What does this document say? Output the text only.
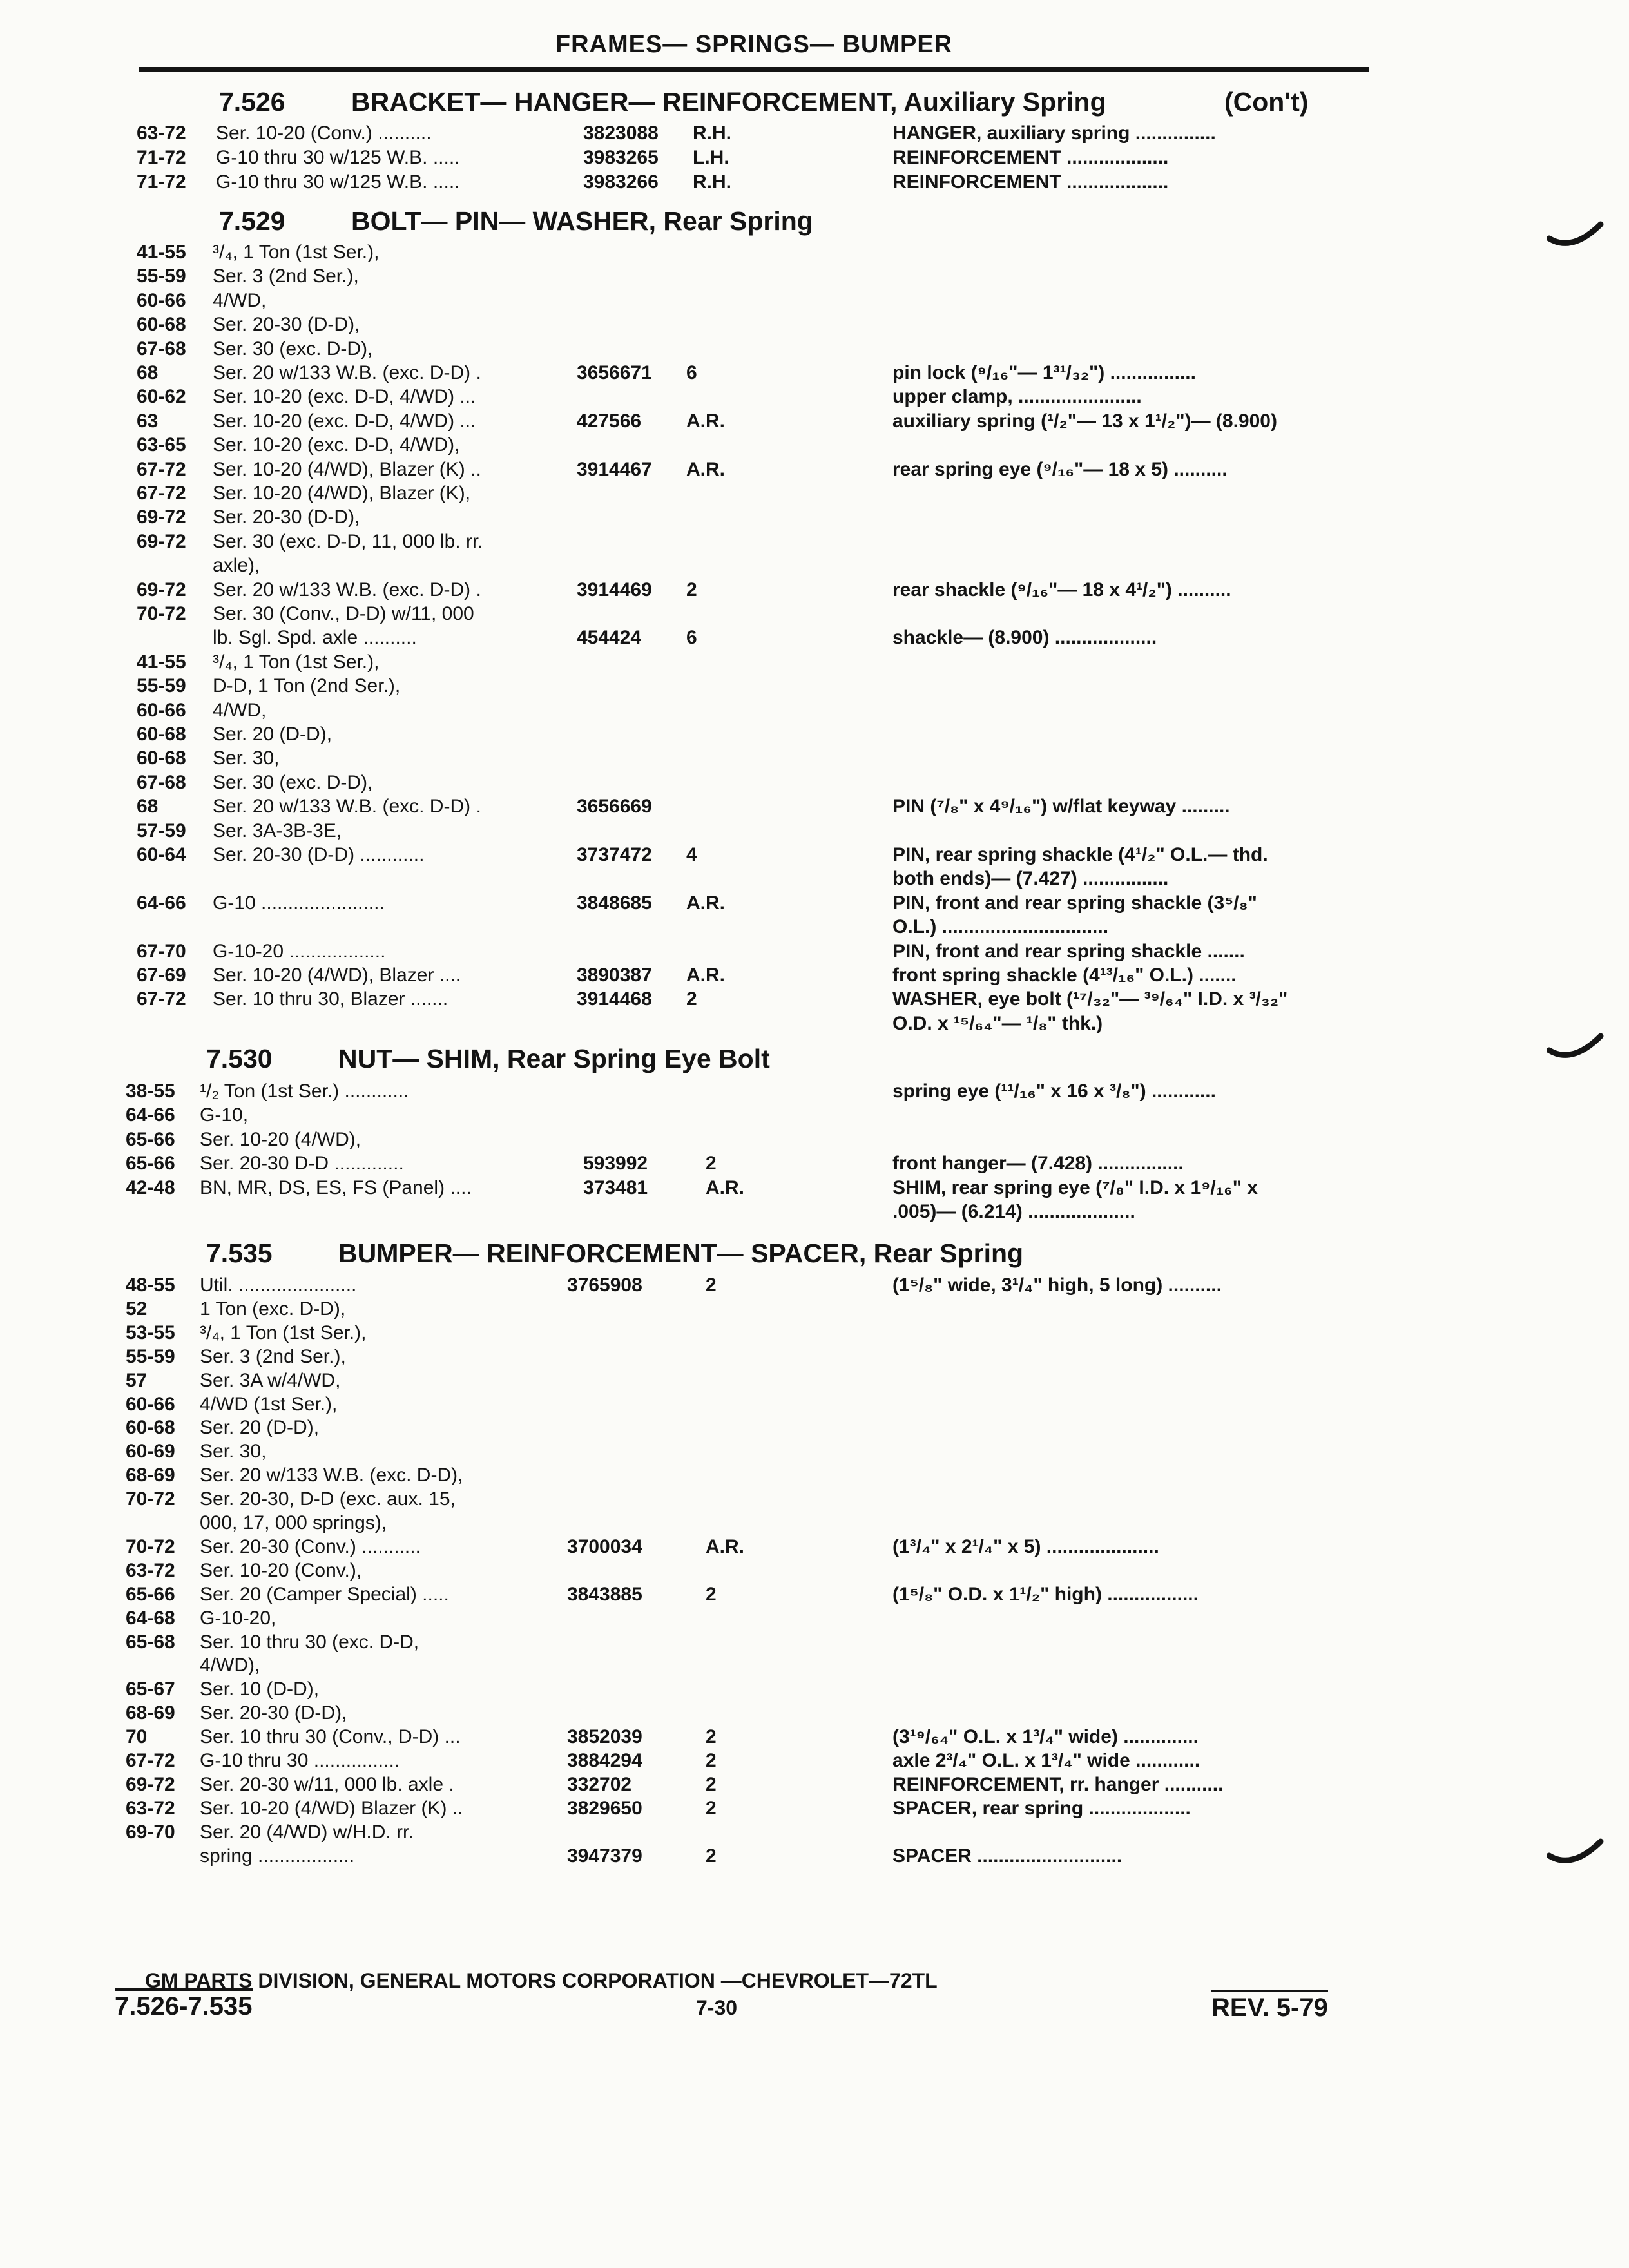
FRAMES— SPRINGS— BUMPER
7.526 BRACKET— HANGER— REINFORCEMENT, Auxiliary Spring	(Con't)
63-72 Ser. 10-20 (Conv.) ..........	3823088 R.H.	HANGER, auxiliary spring ...............
71-72 G-10 thru 30 w/125 W.B. .....	3983265 L.H.	REINFORCEMENT ...................
71-72 G-10 thru 30 w/125 W.B. .....	3983266 R.H.	REINFORCEMENT ...................
7.529 BOLT— PIN— WASHER, Rear Spring
41-55 ³/₄, 1 Ton (1st Ser.),
55-59 Ser. 3 (2nd Ser.),
60-66 4/WD,
60-68 Ser. 20-30 (D-D),
67-68 Ser. 30 (exc. D-D),
68	Ser. 20 w/133 W.B. (exc. D-D) .	3656671 6	pin lock (⁹/₁₆"— 1³¹/₃₂") ................
60-62 Ser. 10-20 (exc. D-D, 4/WD) ...	upper clamp, .......................
63	Ser. 10-20 (exc. D-D, 4/WD) ...	427566 A.R.	auxiliary spring (¹/₂"— 13 x 1¹/₂")— (8.900)
63-65 Ser. 10-20 (exc. D-D, 4/WD),
67-72 Ser. 10-20 (4/WD), Blazer (K) ..	3914467 A.R.	rear spring eye (⁹/₁₆"— 18 x 5) ..........
67-72 Ser. 10-20 (4/WD), Blazer (K),
69-72 Ser. 20-30 (D-D),
69-72 Ser. 30 (exc. D-D, 11, 000 lb. rr.
axle),
69-72 Ser. 20 w/133 W.B. (exc. D-D) .	3914469 2	rear shackle (⁹/₁₆"— 18 x 4¹/₂") ..........
70-72 Ser. 30 (Conv., D-D) w/11, 000
lb. Sgl. Spd. axle ..........	454424 6	shackle— (8.900) ...................
41-55 ³/₄, 1 Ton (1st Ser.),
55-59 D-D, 1 Ton (2nd Ser.),
60-66 4/WD,
60-68 Ser. 20 (D-D),
60-68 Ser. 30,
67-68 Ser. 30 (exc. D-D),
68	Ser. 20 w/133 W.B. (exc. D-D) .	3656669	PIN (⁷/₈" x 4⁹/₁₆") w/flat keyway .........
57-59 Ser. 3A-3B-3E,
60-64 Ser. 20-30 (D-D) ............	3737472 4	PIN, rear spring shackle (4¹/₂" O.L.— thd.
both ends)— (7.427) ................
64-66 G-10 .......................	3848685 A.R.	PIN, front and rear spring shackle (3⁵/₈"
O.L.) ...............................
67-70 G-10-20 ..................	PIN, front and rear spring shackle .......
67-69 Ser. 10-20 (4/WD), Blazer ....	3890387 A.R.	front spring shackle (4¹³/₁₆" O.L.) .......
67-72 Ser. 10 thru 30, Blazer .......	3914468 2	WASHER, eye bolt (¹⁷/₃₂"— ³⁹/₆₄" I.D. x ³/₃₂"
O.D. x ¹⁵/₆₄"— ¹/₈" thk.)
7.530 NUT— SHIM, Rear Spring Eye Bolt
38-55 ¹/₂ Ton (1st Ser.) ............	spring eye (¹¹/₁₆" x 16 x ³/₈") ............
64-66 G-10,
65-66 Ser. 10-20 (4/WD),
65-66 Ser. 20-30 D-D .............	593992	2	front hanger— (7.428) ................
42-48 BN, MR, DS, ES, FS (Panel) ....	373481	A.R.	SHIM, rear spring eye (⁷/₈" I.D. x 1⁹/₁₆" x
.005)— (6.214) ....................
7.535 BUMPER— REINFORCEMENT— SPACER, Rear Spring
48-55 Util. ......................	3765908	2	(1⁵/₈" wide, 3¹/₄" high, 5 long) ..........
52	1 Ton (exc. D-D),
53-55 ³/₄, 1 Ton (1st Ser.),
55-59 Ser. 3 (2nd Ser.),
57	Ser. 3A w/4/WD,
60-66 4/WD (1st Ser.),
60-68 Ser. 20 (D-D),
60-69 Ser. 30,
68-69 Ser. 20 w/133 W.B. (exc. D-D),
70-72 Ser. 20-30, D-D (exc. aux. 15,
000, 17, 000 springs),
70-72 Ser. 20-30 (Conv.) ...........	3700034	A.R.	(1³/₄" x 2¹/₄" x 5) .....................
63-72 Ser. 10-20 (Conv.),
65-66 Ser. 20 (Camper Special) .....	3843885	2	(1⁵/₈" O.D. x 1¹/₂" high) .................
64-68 G-10-20,
65-68 Ser. 10 thru 30 (exc. D-D,
4/WD),
65-67 Ser. 10 (D-D),
68-69 Ser. 20-30 (D-D),
70	Ser. 10 thru 30 (Conv., D-D) ...	3852039	2	(3¹⁹/₆₄" O.L. x 1³/₄" wide) ..............
67-72 G-10 thru 30 ................	3884294	2	axle 2³/₄" O.L. x 1³/₄" wide ............
69-72 Ser. 20-30 w/11, 000 lb. axle .	332702	2	REINFORCEMENT, rr. hanger ...........
63-72 Ser. 10-20 (4/WD) Blazer (K) ..	3829650	2	SPACER, rear spring ...................
69-70 Ser. 20 (4/WD) w/H.D. rr.
spring ..................	3947379	2	SPACER ...........................
GM PARTS DIVISION, GENERAL MOTORS CORPORATION —CHEVROLET—72TL
7.526-7.535	7-30	REV. 5-79
